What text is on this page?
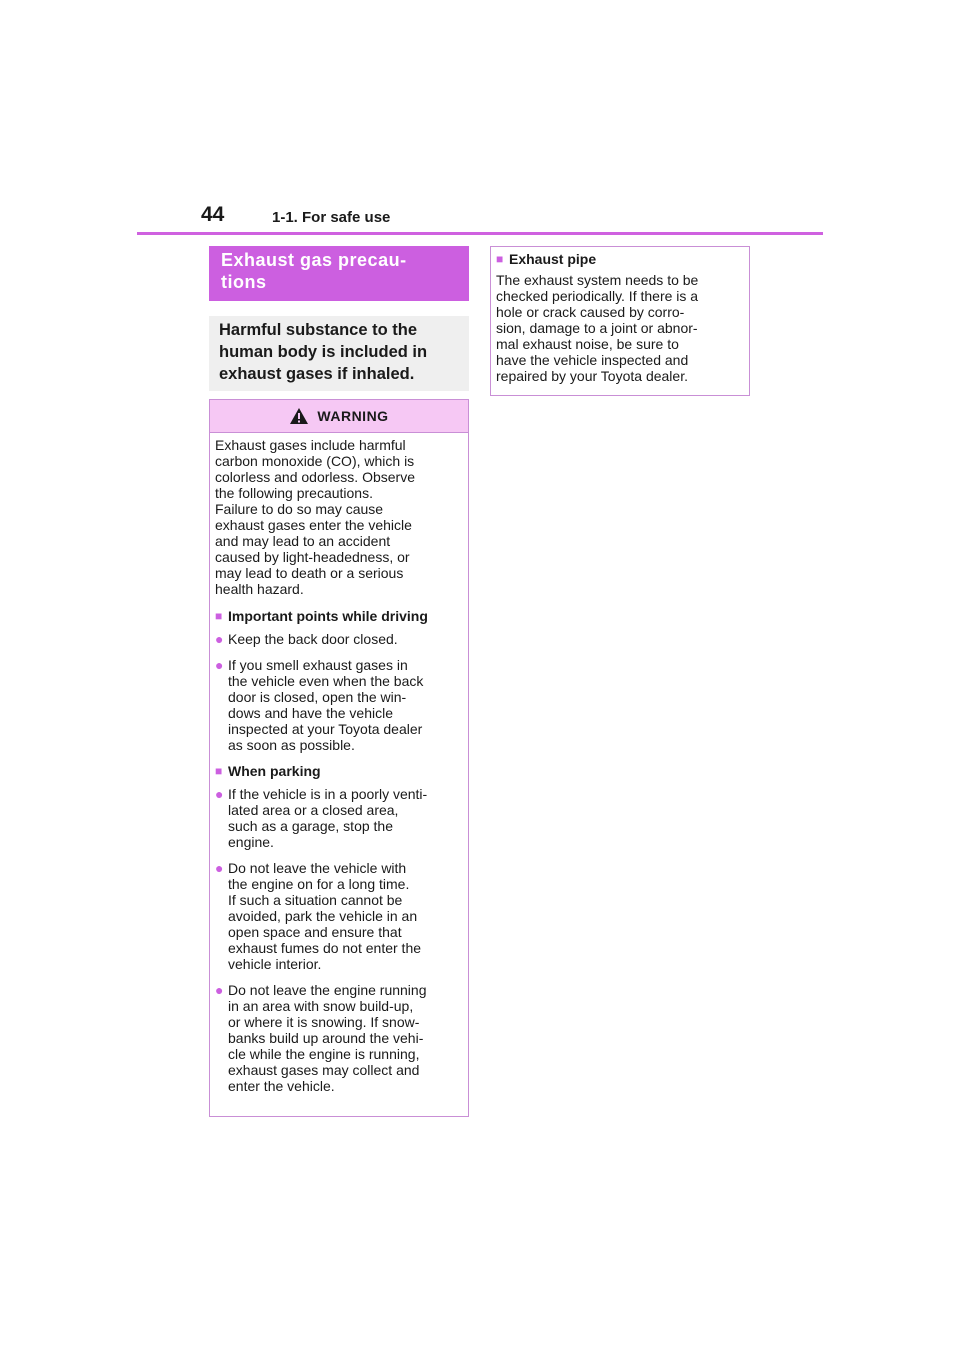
44	1-1. For safe use
Exhaust gas precau-
tions
Harmful substance to the
human body is included in
exhaust gases if inhaled.
WARNING
Exhaust gases include harmful
carbon monoxide (CO), which is
colorless and odorless. Observe
the following precautions.
Failure to do so may cause
exhaust gases enter the vehicle
and may lead to an accident
caused by light-headedness, or
may lead to death or a serious
health hazard.
■ Important points while driving
● Keep the back door closed.
● If you smell exhaust gases in
the vehicle even when the back
door is closed, open the win-
dows and have the vehicle
inspected at your Toyota dealer
as soon as possible.
■ When parking
● If the vehicle is in a poorly venti-
lated area or a closed area,
such as a garage, stop the
engine.
● Do not leave the vehicle with
the engine on for a long time.
If such a situation cannot be
avoided, park the vehicle in an
open space and ensure that
exhaust fumes do not enter the
vehicle interior.
● Do not leave the engine running
in an area with snow build-up,
or where it is snowing. If snow-
banks build up around the vehi-
cle while the engine is running,
exhaust gases may collect and
enter the vehicle.
■ Exhaust pipe
The exhaust system needs to be
checked periodically. If there is a
hole or crack caused by corro-
sion, damage to a joint or abnor-
mal exhaust noise, be sure to
have the vehicle inspected and
repaired by your Toyota dealer.
